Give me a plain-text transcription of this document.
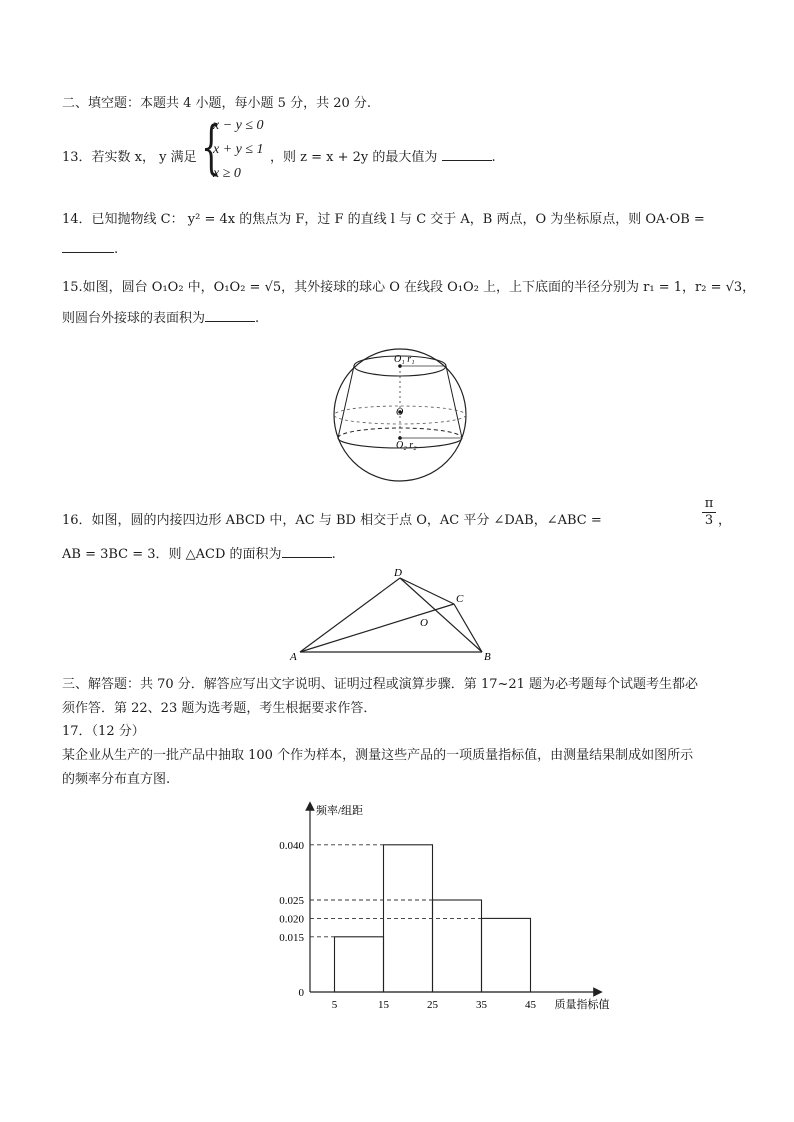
二、填空题：本题共 4 小题，每小题 5 分，共 20 分.
13．若实数 x， y 满足 {
x − y ≤ 0
x + y ≤ 1
x ≥ 0
，则 z = x + 2y 的最大值为	.
14．已知抛物线 C： y² = 4x 的焦点为 F，过 F 的直线 l 与 C 交于 A，B 两点，O 为坐标原点，则 OA·OB =
.
15.如图，圆台 O₁O₂ 中，O₁O₂ = √5，其外接球的球心 O 在线段 O₁O₂ 上，上下底面的半径分别为 r₁ = 1，r₂ = √3，
则圆台外接球的表面积为	.
O₁ r₁
O
O₂ r₂
16．如图，圆的内接四边形 ABCD 中，AC 与 BD 相交于点 O，AC 平分 ∠DAB，∠ABC =
π
3 ，
AB = 3BC = 3．则 △ACD 的面积为	.
A	B
C
D
O
三、解答题：共 70 分．解答应写出文字说明、证明过程或演算步骤．第 17~21 题为必考题每个试题考生都必
须作答．第 22、23 题为选考题，考生根据要求作答．
17．（12 分）
某企业从生产的一批产品中抽取 100 个作为样本，测量这些产品的一项质量指标值，由测量结果制成如图所示
的频率分布直方图.
0
0.015
0.020
0.025
0.040
5	15	25	35	45
频率/组距
质量指标值
